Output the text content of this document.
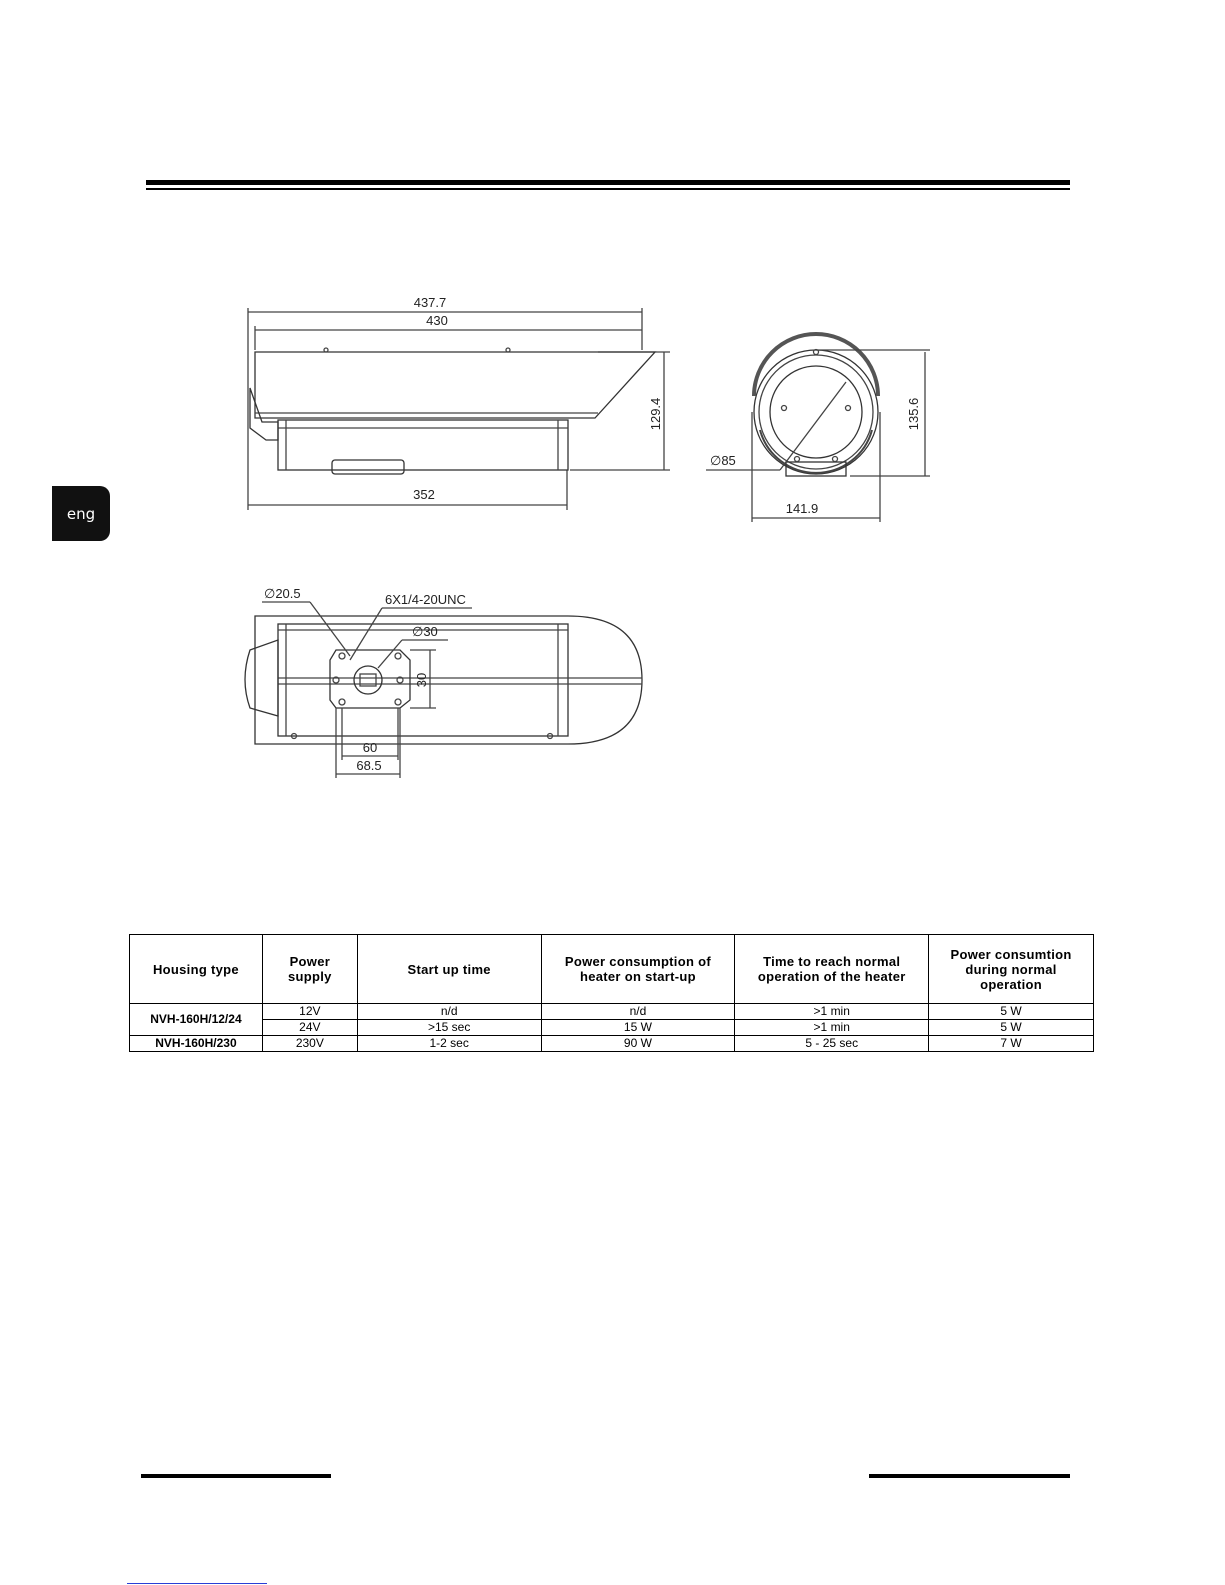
eng
437.7
430
129.4
352
∅85
135.6
141.9
∅20.5	6X1/4-20UNC
∅30
30
60
68.5
Housing type	Power supply	Start up time	Power consumption of heater on start-up	Time to reach normal operation of the heater	Power consumtion during normal operation
NVH-160H/12/24	12V	n/d	n/d	>1 min	5 W
	24V	>15 sec	15 W	>1 min	5 W
NVH-160H/230	230V	1-2 sec	90 W	5 - 25 sec	7 W
